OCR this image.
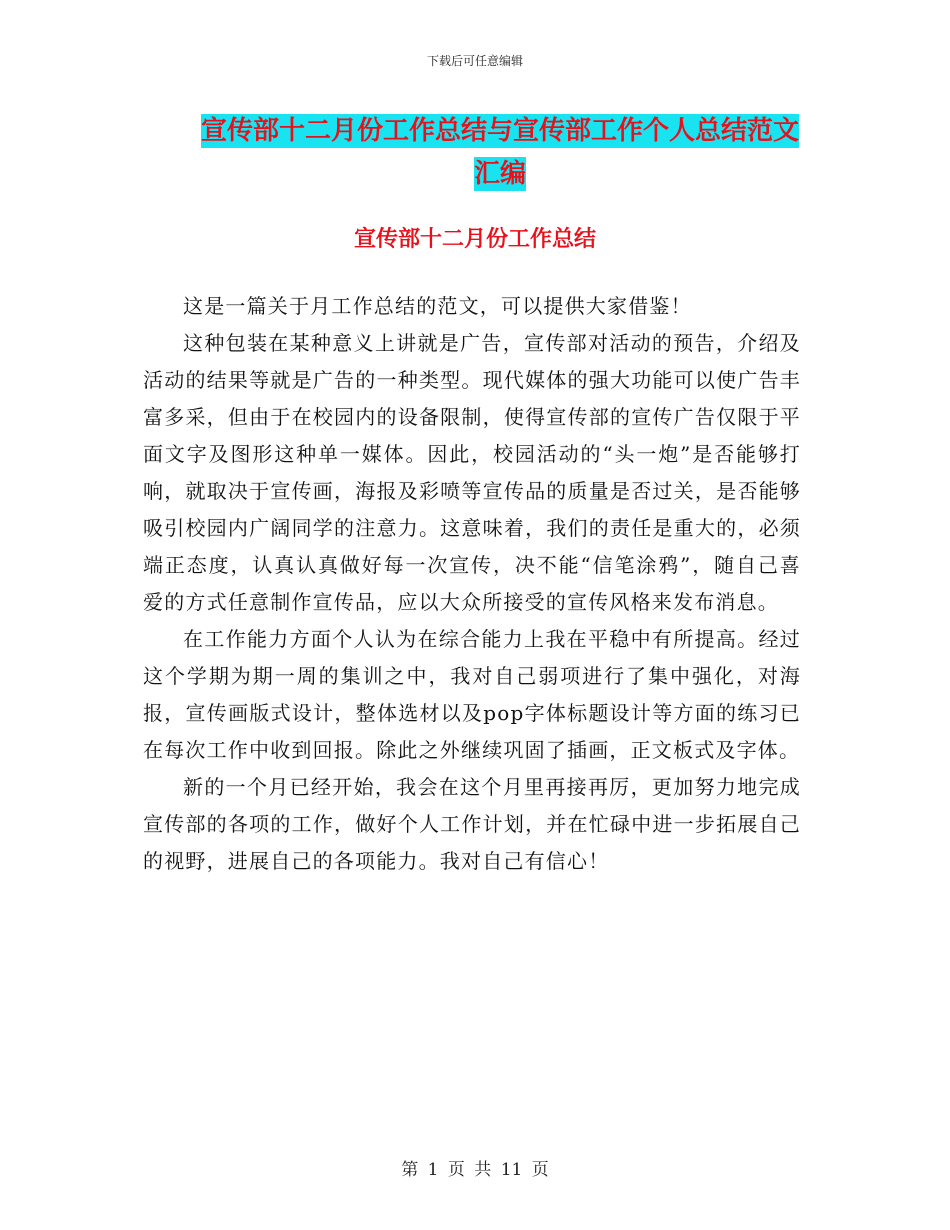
下载后可任意编辑
宣传部十二月份工作总结与宣传部工作个人总结范文汇编
宣传部十二月份工作总结

这是一篇关于月工作总结的范文，可以提供大家借鉴！

这种包装在某种意义上讲就是广告，宣传部对活动的预告，介绍及活动的结果等就是广告的一种类型。现代媒体的强大功能可以使广告丰富多采，但由于在校园内的设备限制，使得宣传部的宣传广告仅限于平面文字及图形这种单一媒体。因此，校园活动的“头一炮”是否能够打响，就取决于宣传画，海报及彩喷等宣传品的质量是否过关，是否能够吸引校园内广阔同学的注意力。这意味着，我们的责任是重大的，必须端正态度，认真认真做好每一次宣传，决不能“信笔涂鸦”，随自己喜爱的方式任意制作宣传品，应以大众所接受的宣传风格来发布消息。

在工作能力方面个人认为在综合能力上我在平稳中有所提高。经过这个学期为期一周的集训之中，我对自己弱项进行了集中强化，对海报，宣传画版式设计，整体选材以及pop字体标题设计等方面的练习已在每次工作中收到回报。除此之外继续巩固了插画，正文板式及字体。

新的一个月已经开始，我会在这个月里再接再厉，更加努力地完成宣传部的各项的工作，做好个人工作计划，并在忙碌中进一步拓展自己的视野，进展自己的各项能力。我对自己有信心！

第 1 页 共 11 页
